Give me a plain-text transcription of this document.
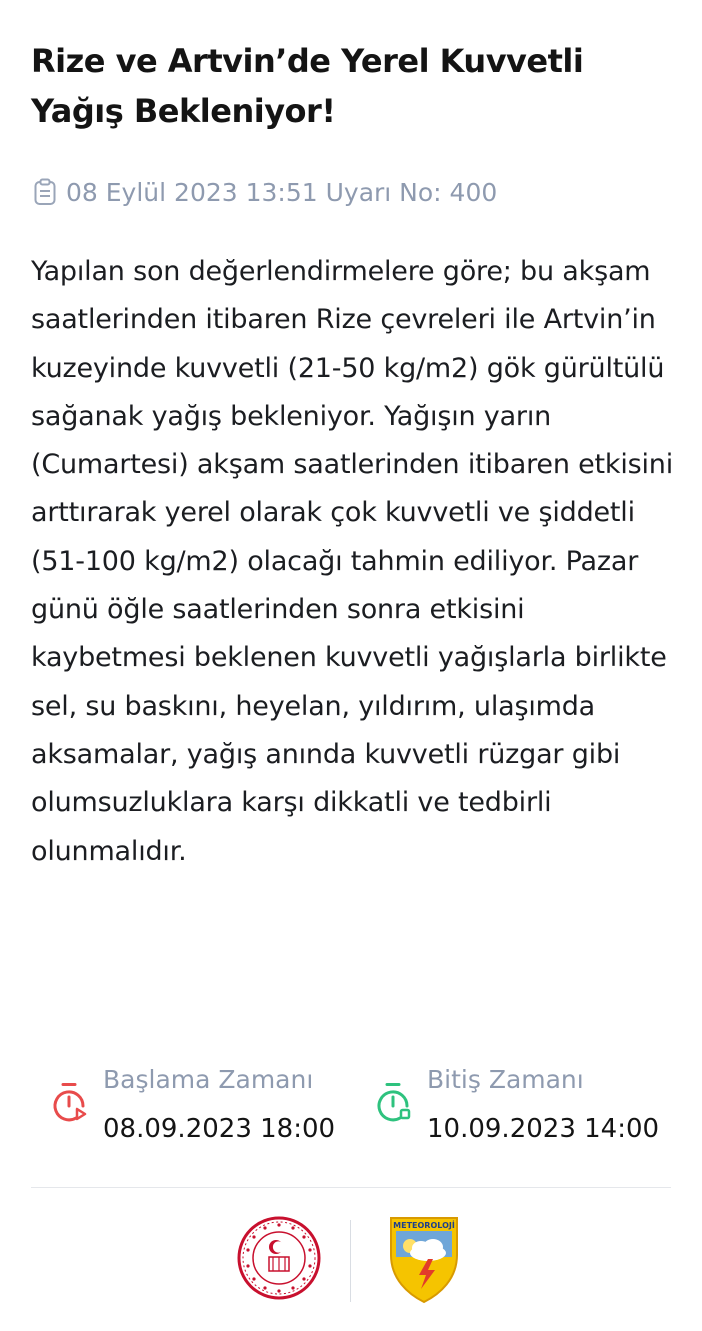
Rize ve Artvin’de Yerel Kuvvetli Yağış Bekleniyor!
08 Eylül 2023 13:51 Uyarı No: 400

Yapılan son değerlendirmelere göre; bu akşam saatlerinden itibaren Rize çevreleri ile Artvin’in kuzeyinde kuvvetli (21-50 kg/m2) gök gürültülü sağanak yağış bekleniyor. Yağışın yarın (Cumartesi) akşam saatlerinden itibaren etkisini arttırarak yerel olarak çok kuvvetli ve şiddetli (51-100 kg/m2) olacağı tahmin ediliyor. Pazar günü öğle saatlerinden sonra etkisini kaybetmesi beklenen kuvvetli yağışlarla birlikte sel, su baskını, heyelan, yıldırım, ulaşımda aksamalar, yağış anında kuvvetli rüzgar gibi olumsuzluklara karşı dikkatli ve tedbirli olunmalıdır.

Başlama Zamanı
08.09.2023 18:00
Bitiş Zamanı
10.09.2023 14:00
METEOROLOJİ
